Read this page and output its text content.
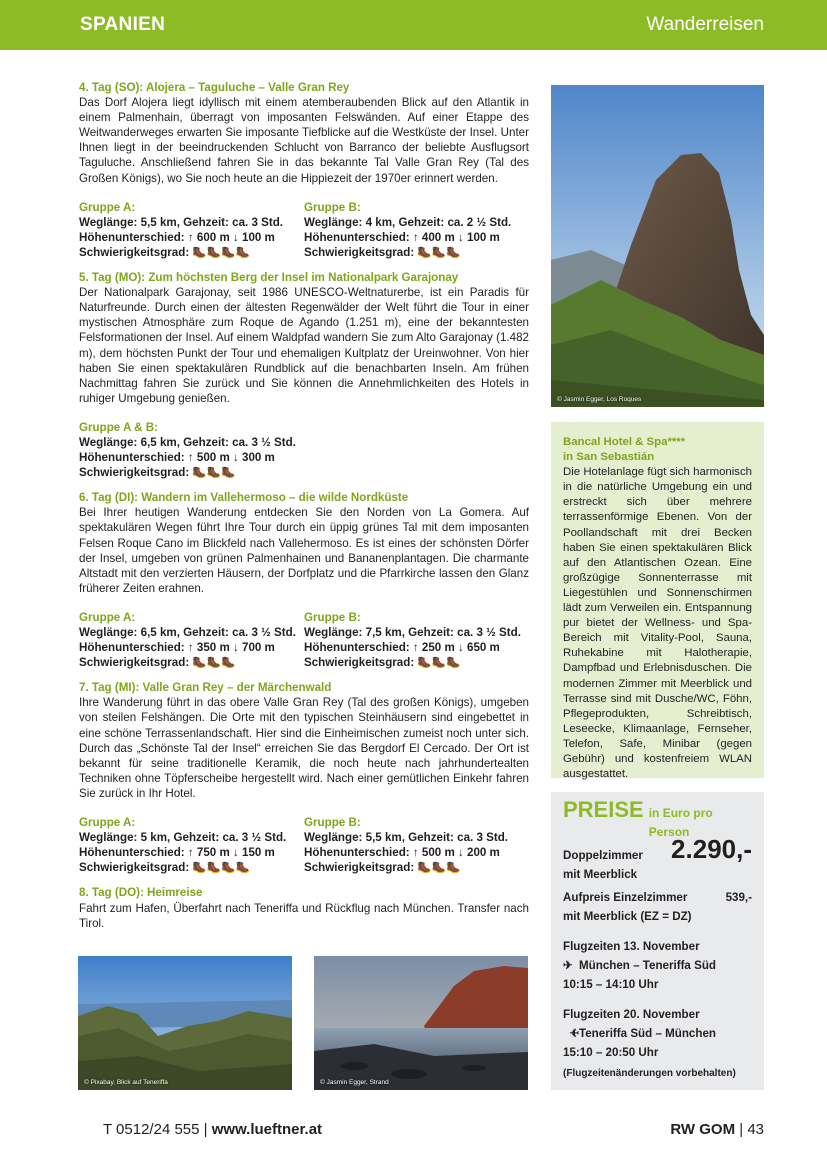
SPANIEN	Wanderreisen
4. Tag (SO): Alojera – Taguluche – Valle Gran Rey
Das Dorf Alojera liegt idyllisch mit einem atemberaubenden Blick auf den Atlantik in einem Palmenhain, überragt von imposanten Felswänden. Auf einer Etappe des Weitwanderweges erwarten Sie imposante Tiefblicke auf die Westküste der Insel. Unter Ihnen liegt in der beeindruckenden Schlucht von Barranco der beliebte Ausflugsort Taguluche. Anschließend fahren Sie in das bekannte Tal Valle Gran Rey (Tal des Großen Königs), wo Sie noch heute an die Hippiezeit der 1970er erinnert werden.
Gruppe A:
Weglänge: 5,5 km, Gehzeit: ca. 3 Std.
Höhenunterschied: ↑ 600 m ↓ 100 m
Schwierigkeitsgrad: 🥾🥾🥾🥾
Gruppe B:
Weglänge: 4 km, Gehzeit: ca. 2 ½ Std.
Höhenunterschied: ↑ 400 m ↓ 100 m
Schwierigkeitsgrad: 🥾🥾🥾
5. Tag (MO): Zum höchsten Berg der Insel im Nationalpark Garajonay
Der Nationalpark Garajonay, seit 1986 UNESCO-Weltnaturerbe, ist ein Paradis für Naturfreunde. Durch einen der ältesten Regenwälder der Welt führt die Tour in einer mystischen Atmosphäre zum Roque de Agando (1.251 m), eine der bekanntesten Felsformationen der Insel. Auf einem Waldpfad wandern Sie zum Alto Garajonay (1.482 m), dem höchsten Punkt der Tour und ehemaligen Kultplatz der Ureinwohner. Von hier haben Sie einen spektakulären Rundblick auf die benachbarten Inseln. Am frühen Nachmittag fahren Sie zurück und Sie können die Annehmlichkeiten des Hotels in ruhiger Umgebung genießen.
Gruppe A & B:
Weglänge: 6,5 km, Gehzeit: ca. 3 ½ Std.
Höhenunterschied: ↑ 500 m ↓ 300 m
Schwierigkeitsgrad: 🥾🥾🥾
6. Tag (DI): Wandern im Vallehermoso – die wilde Nordküste
Bei Ihrer heutigen Wanderung entdecken Sie den Norden von La Gomera. Auf spektakulären Wegen führt Ihre Tour durch ein üppig grünes Tal mit dem imposanten Felsen Roque Cano im Blickfeld nach Vallehermoso. Es ist eines der schönsten Dörfer der Insel, umgeben von grünen Palmenhainen und Bananenplantagen. Die charmante Altstadt mit den verzierten Häusern, der Dorfplatz und die Pfarrkirche lassen den Glanz früherer Zeiten erahnen.
Gruppe A:
Weglänge: 6,5 km, Gehzeit: ca. 3 ½ Std.
Höhenunterschied: ↑ 350 m ↓ 700 m
Schwierigkeitsgrad: 🥾🥾🥾
Gruppe B:
Weglänge: 7,5 km, Gehzeit: ca. 3 ½ Std.
Höhenunterschied: ↑ 250 m ↓ 650 m
Schwierigkeitsgrad: 🥾🥾🥾
7. Tag (MI): Valle Gran Rey – der Märchenwald
Ihre Wanderung führt in das obere Valle Gran Rey (Tal des großen Königs), umgeben von steilen Felshängen. Die Orte mit den typischen Steinhäusern sind eingebettet in eine schöne Terrassenlandschaft. Hier sind die Einheimischen zumeist noch unter sich. Durch das „Schönste Tal der Insel“ erreichen Sie das Bergdorf El Cercado. Der Ort ist bekannt für seine traditionelle Keramik, die noch heute nach jahrhundertealten Techniken ohne Töpferscheibe hergestellt wird. Nach einer gemütlichen Einkehr fahren Sie zurück in Ihr Hotel.
Gruppe A:
Weglänge: 5 km, Gehzeit: ca. 3 ½ Std.
Höhenunterschied: ↑ 750 m ↓ 150 m
Schwierigkeitsgrad: 🥾🥾🥾🥾
Gruppe B:
Weglänge: 5,5 km, Gehzeit: ca. 3 Std.
Höhenunterschied: ↑ 500 m ↓ 200 m
Schwierigkeitsgrad: 🥾🥾🥾
8. Tag (DO): Heimreise
Fahrt zum Hafen, Überfahrt nach Teneriffa und Rückflug nach München. Transfer nach Tirol.
© Jasmin Egger, Los Roques
Bancal Hotel & Spa****
in San Sebastián
Die Hotelanlage fügt sich harmonisch in die natürliche Umgebung ein und erstreckt sich über mehrere terrassenförmige Ebenen. Von der Poollandschaft mit drei Becken haben Sie einen spektakulären Blick auf den Atlantischen Ozean. Eine großzügige Sonnenterrasse mit Liegestühlen und Sonnenschirmen lädt zum Verweilen ein. Entspannung pur bietet der Wellness- und Spa-Bereich mit Vitality-Pool, Sauna, Ruhekabine mit Halotherapie, Dampfbad und Erlebnisduschen. Die modernen Zimmer mit Meerblick und Terrasse sind mit Dusche/WC, Föhn, Pflegeprodukten, Schreibtisch, Leseecke, Klimaanlage, Fernseher, Telefon, Safe, Minibar (gegen Gebühr) und kostenfreiem WLAN ausgestattet.
PREISE in Euro pro Person
Doppelzimmer
mit Meerblick
2.290,-
Aufpreis Einzelzimmer
mit Meerblick (EZ = DZ)
539,-
Flugzeiten 13. November
✈ München – Teneriffa Süd
10:15 – 14:10 Uhr
Flugzeiten 20. November
✈Teneriffa Süd – München
15:10 – 20:50 Uhr
(Flugzeitenänderungen vorbehalten)
© Pixabay, Blick auf Teneriffa	© Jasmin Egger, Strand
T 0512/24 555 | www.lueftner.at	RW GOM | 43
